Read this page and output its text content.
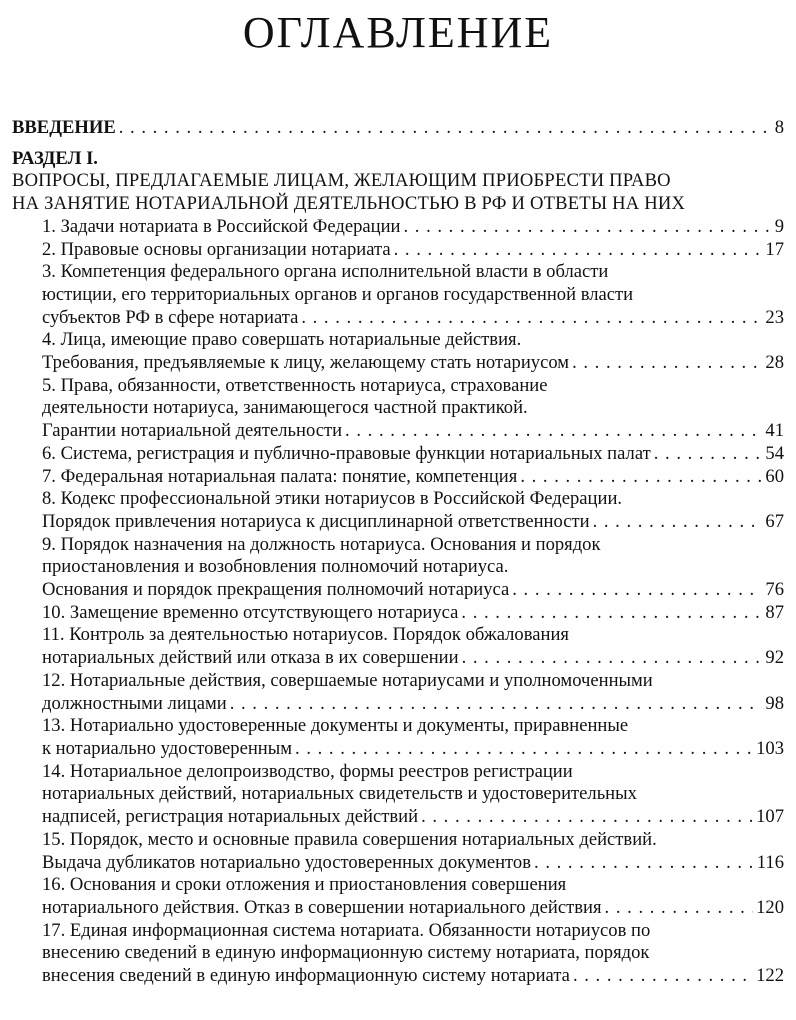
ОГЛАВЛЕНИЕ
ВВЕДЕНИЕ . . .	8
РАЗДЕЛ I.
ВОПРОСЫ, ПРЕДЛАГАЕМЫЕ ЛИЦАМ, ЖЕЛАЮЩИМ ПРИОБРЕСТИ ПРАВО
НА ЗАНЯТИЕ НОТАРИАЛЬНОЙ ДЕЯТЕЛЬНОСТЬЮ В РФ И ОТВЕТЫ НА НИХ
1. Задачи нотариата в Российской Федерации . . .	9
2. Правовые основы организации нотариата . . .	17
3. Компетенция федерального органа исполнительной власти в области
юстиции, его территориальных органов и органов государственной власти
субъектов РФ в сфере нотариата . . .	23
4. Лица, имеющие право совершать нотариальные действия.
Требования, предъявляемые к лицу, желающему стать нотариусом . . .	28
5. Права, обязанности, ответственность нотариуса, страхование
деятельности нотариуса, занимающегося частной практикой.
Гарантии нотариальной деятельности . . .	41
6. Система, регистрация и публично-правовые функции нотариальных палат . . .	54
7. Федеральная нотариальная палата: понятие, компетенция . . .	60
8. Кодекс профессиональной этики нотариусов в Российской Федерации.
Порядок привлечения нотариуса к дисциплинарной ответственности . . .	67
9. Порядок назначения на должность нотариуса. Основания и порядок
приостановления и возобновления полномочий нотариуса.
Основания и порядок прекращения полномочий нотариуса . . .	76
10. Замещение временно отсутствующего нотариуса . . .	87
11. Контроль за деятельностью нотариусов. Порядок обжалования
нотариальных действий или отказа в их совершении . . .	92
12. Нотариальные действия, совершаемые нотариусами и уполномоченными
должностными лицами . . .	98
13. Нотариально удостоверенные документы и документы, приравненные
к нотариально удостоверенным . . .	103
14. Нотариальное делопроизводство, формы реестров регистрации
нотариальных действий, нотариальных свидетельств и удостоверительных
надписей, регистрация нотариальных действий . . .	107
15. Порядок, место и основные правила совершения нотариальных действий.
Выдача дубликатов нотариально удостоверенных документов . . .	116
16. Основания и сроки отложения и приостановления совершения
нотариального действия. Отказ в совершении нотариального действия . . .	120
17. Единая информационная система нотариата. Обязанности нотариусов по
внесению сведений в единую информационную систему нотариата, порядок
внесения сведений в единую информационную систему нотариата . . .	122
